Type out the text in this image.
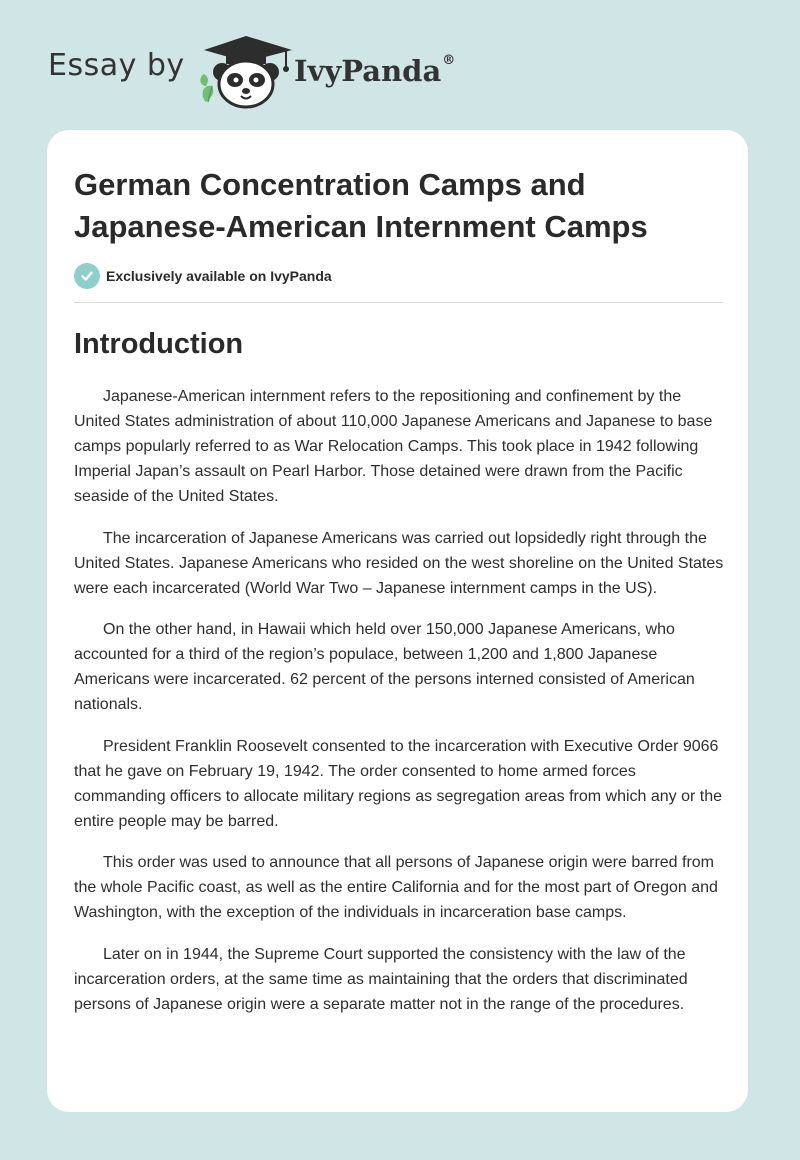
Essay by	IvyPanda®
German Concentration Camps and Japanese-American Internment Camps
Exclusively available on IvyPanda
Introduction

Japanese-American internment refers to the repositioning and confinement by the United States administration of about 110,000 Japanese Americans and Japanese to base camps popularly referred to as War Relocation Camps. This took place in 1942 following Imperial Japan’s assault on Pearl Harbor. Those detained were drawn from the Pacific seaside of the United States.

The incarceration of Japanese Americans was carried out lopsidedly right through the United States. Japanese Americans who resided on the west shoreline on the United States were each incarcerated (World War Two – Japanese internment camps in the US).

On the other hand, in Hawaii which held over 150,000 Japanese Americans, who accounted for a third of the region’s populace, between 1,200 and 1,800 Japanese Americans were incarcerated. 62 percent of the persons interned consisted of American nationals.

President Franklin Roosevelt consented to the incarceration with Executive Order 9066 that he gave on February 19, 1942. The order consented to home armed forces commanding officers to allocate military regions as segregation areas from which any or the entire people may be barred.

This order was used to announce that all persons of Japanese origin were barred from the whole Pacific coast, as well as the entire California and for the most part of Oregon and Washington, with the exception of the individuals in incarceration base camps.

Later on in 1944, the Supreme Court supported the consistency with the law of the incarceration orders, at the same time as maintaining that the orders that discriminated persons of Japanese origin were a separate matter not in the range of the procedures.
